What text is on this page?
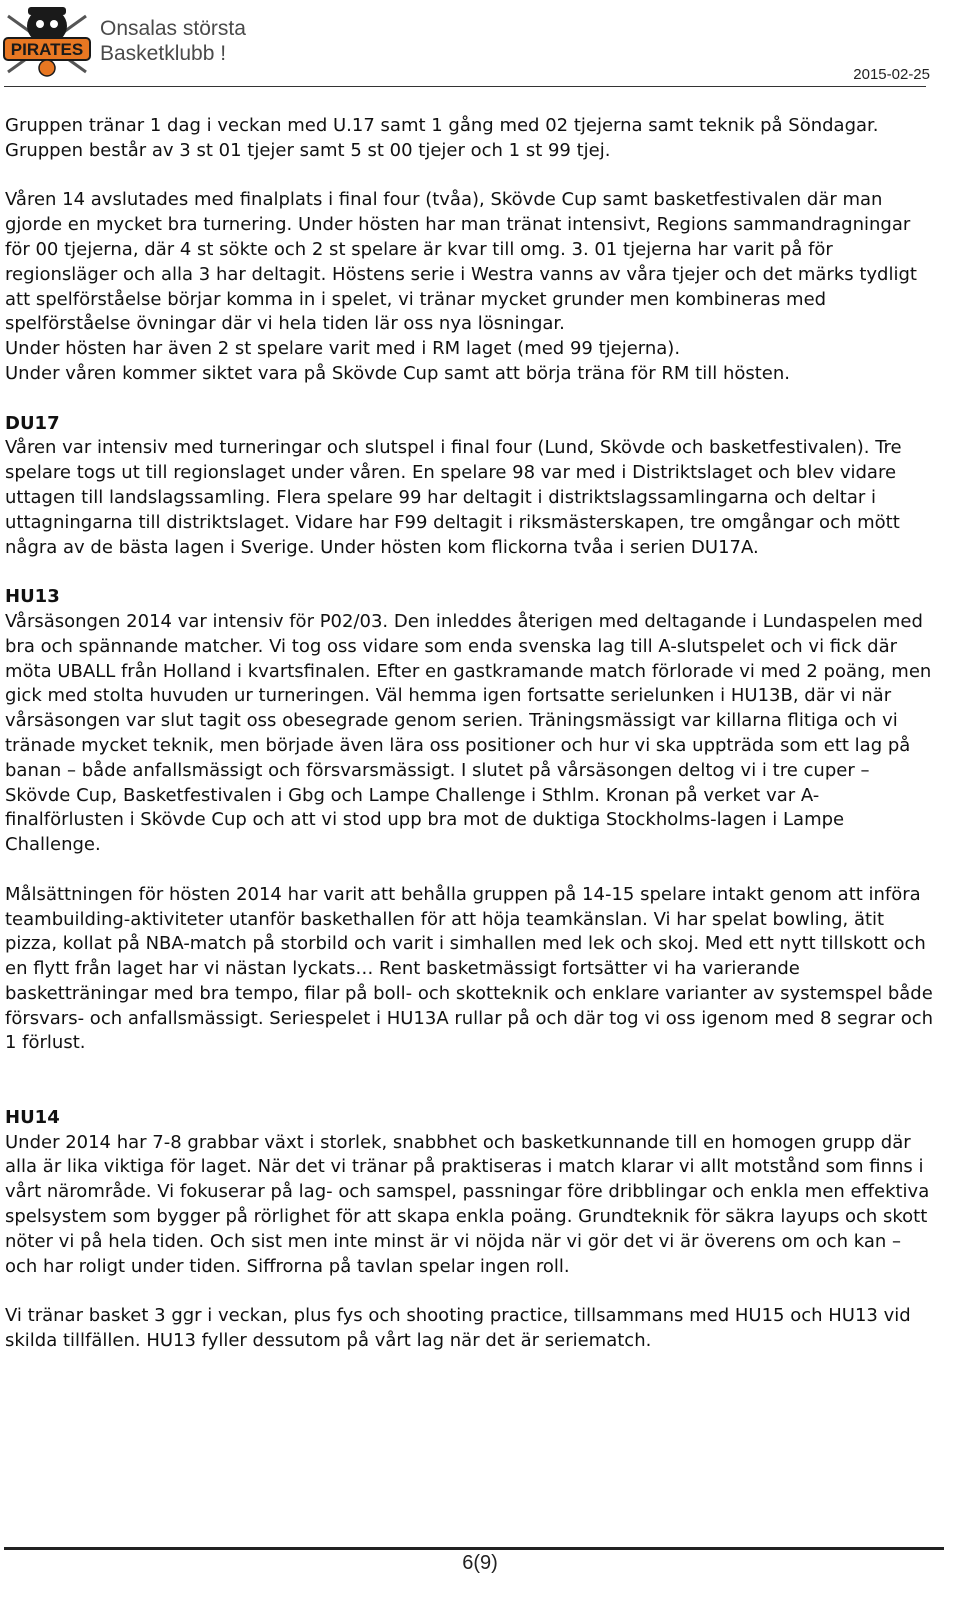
PIRATES
Onsalas största
Basketklubb !
2015-02-25

Gruppen tränar 1 dag i veckan med U.17 samt 1 gång med 02 tjejerna samt teknik på Söndagar. Gruppen består av 3 st 01 tjejer samt 5 st 00 tjejer och 1 st 99 tjej.

Våren 14 avslutades med finalplats i final four (tvåa), Skövde Cup samt basketfestivalen där man gjorde en mycket bra turnering. Under hösten har man tränat intensivt, Regions sammandragningar för 00 tjejerna, där 4 st sökte och 2 st spelare är kvar till omg. 3. 01 tjejerna har varit på för regionsläger och alla 3 har deltagit. Höstens serie i Westra vanns av våra tjejer och det märks tydligt att spelförståelse börjar komma in i spelet, vi tränar mycket grunder men kombineras med spelförståelse övningar där vi hela tiden lär oss nya lösningar.

Under hösten har även 2 st spelare varit med i RM laget (med 99 tjejerna).

Under våren kommer siktet vara på Skövde Cup samt att börja träna för RM till hösten.

DU17

Våren var intensiv med turneringar och slutspel i final four (Lund, Skövde och basketfestivalen). Tre spelare togs ut till regionslaget under våren. En spelare 98 var med i Distriktslaget och blev vidare uttagen till landslagssamling. Flera spelare 99 har deltagit i distriktslagssamlingarna och deltar i uttagningarna till distriktslaget. Vidare har F99 deltagit i riksmästerskapen, tre omgångar och mött några av de bästa lagen i Sverige. Under hösten kom flickorna tvåa i serien DU17A.

HU13

Vårsäsongen 2014 var intensiv för P02/03. Den inleddes återigen med deltagande i Lundaspelen med bra och spännande matcher. Vi tog oss vidare som enda svenska lag till A-slutspelet och vi fick där möta UBALL från Holland i kvartsfinalen. Efter en gastkramande match förlorade vi med 2 poäng, men gick med stolta huvuden ur turneringen. Väl hemma igen fortsatte serielunken i HU13B, där vi när vårsäsongen var slut tagit oss obesegrade genom serien. Träningsmässigt var killarna flitiga och vi tränade mycket teknik, men började även lära oss positioner och hur vi ska uppträda som ett lag på banan – både anfallsmässigt och försvarsmässigt. I slutet på vårsäsongen deltog vi i tre cuper – Skövde Cup, Basketfestivalen i Gbg och Lampe Challenge i Sthlm. Kronan på verket var A-finalförlusten i Skövde Cup och att vi stod upp bra mot de duktiga Stockholms-lagen i Lampe Challenge.

Målsättningen för hösten 2014 har varit att behålla gruppen på 14-15 spelare intakt genom att införa teambuilding-aktiviteter utanför baskethallen för att höja teamkänslan. Vi har spelat bowling, ätit pizza, kollat på NBA-match på storbild och varit i simhallen med lek och skoj. Med ett nytt tillskott och en flytt från laget har vi nästan lyckats… Rent basketmässigt fortsätter vi ha varierande basketträningar med bra tempo, filar på boll- och skotteknik och enklare varianter av systemspel både försvars- och anfallsmässigt. Seriespelet i HU13A rullar på och där tog vi oss igenom med 8 segrar och 1 förlust.

HU14

Under 2014 har 7-8 grabbar växt i storlek, snabbhet och basketkunnande till en homogen grupp där alla är lika viktiga för laget. När det vi tränar på praktiseras i match klarar vi allt motstånd som finns i vårt närområde. Vi fokuserar på lag- och samspel, passningar före dribblingar och enkla men effektiva spelsystem som bygger på rörlighet för att skapa enkla poäng. Grundteknik för säkra layups och skott nöter vi på hela tiden. Och sist men inte minst är vi nöjda när vi gör det vi är överens om och kan – och har roligt under tiden. Siffrorna på tavlan spelar ingen roll.

Vi tränar basket 3 ggr i veckan, plus fys och shooting practice, tillsammans med HU15 och HU13 vid skilda tillfällen. HU13 fyller dessutom på vårt lag när det är seriematch.

6(9)
